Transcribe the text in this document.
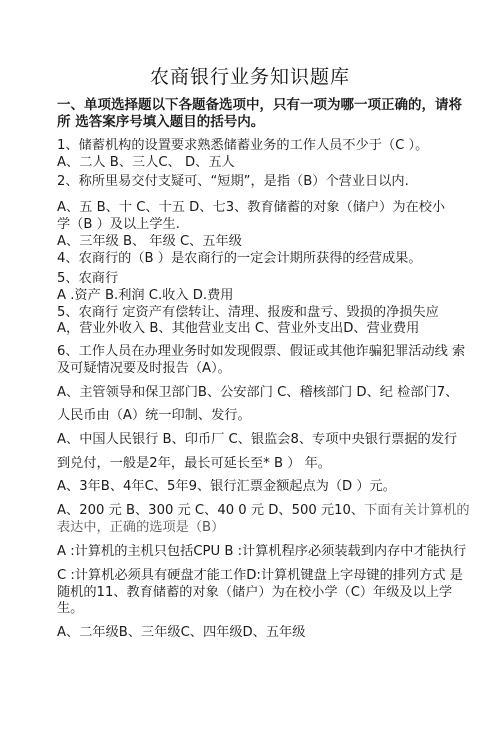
农商银行业务知识题库
一、单项选择题以下各题备选项中，只有一项为哪一项正确的，请将
所 选答案序号填入题目的括号内。
1、储蓄机构的设置要求熟悉储蓄业务的工作人员不少于（C ）。
A、二人 B、三人C、 D、五人
2、称所里易交付支疑可、“短期”，是指（B）个营业日以内.
A、五 B、十 C、十五 D、七3、教育储蓄的对象（储户）为在校小
学（B ）及以上学生.
A、三年级 B、 年级 C、五年级
4、农商行的（B ）是农商行的一定会计期所获得的经营成果。
5、农商行
A .资产 B.利润 C.收入 D.费用
5、农商行 定资产有偿转让、清理、报废和盘亏、毁损的净损失应
A，营业外收入 B、其他营业支出 C、营业外支出D、营业费用
6、工作人员在办理业务时如发现假票、假证或其他诈骗犯罪活动线 索
及可疑情况要及时报告（A）。
A、主管领导和保卫部门B、公安部门 C、稽核部门 D、纪 检部门7、
人民币由（A）统一印制、发行。
A、中国人民银行 B、印币厂 C、银监会8、专项中央银行票据的发行
到兑付，一般是2年，最长可延长至* B ） 年。
A、3年B、4年C、5年9、银行汇票金额起点为（D ）元。
A、200 元 B、300 元 C、40 0 元 D、500 元10、下面有关计算机的
表达中，正确的选项是（B）
A :计算机的主机只包括CPU B :计算机程序必须装载到内存中才能执行
C :计算机必须具有硬盘才能工作D:计算机键盘上字母键的排列方式 是
随机的11、教育储蓄的对象（储户）为在校小学（C）年级及以上学
生。
A、二年级B、三年级C、四年级D、五年级
